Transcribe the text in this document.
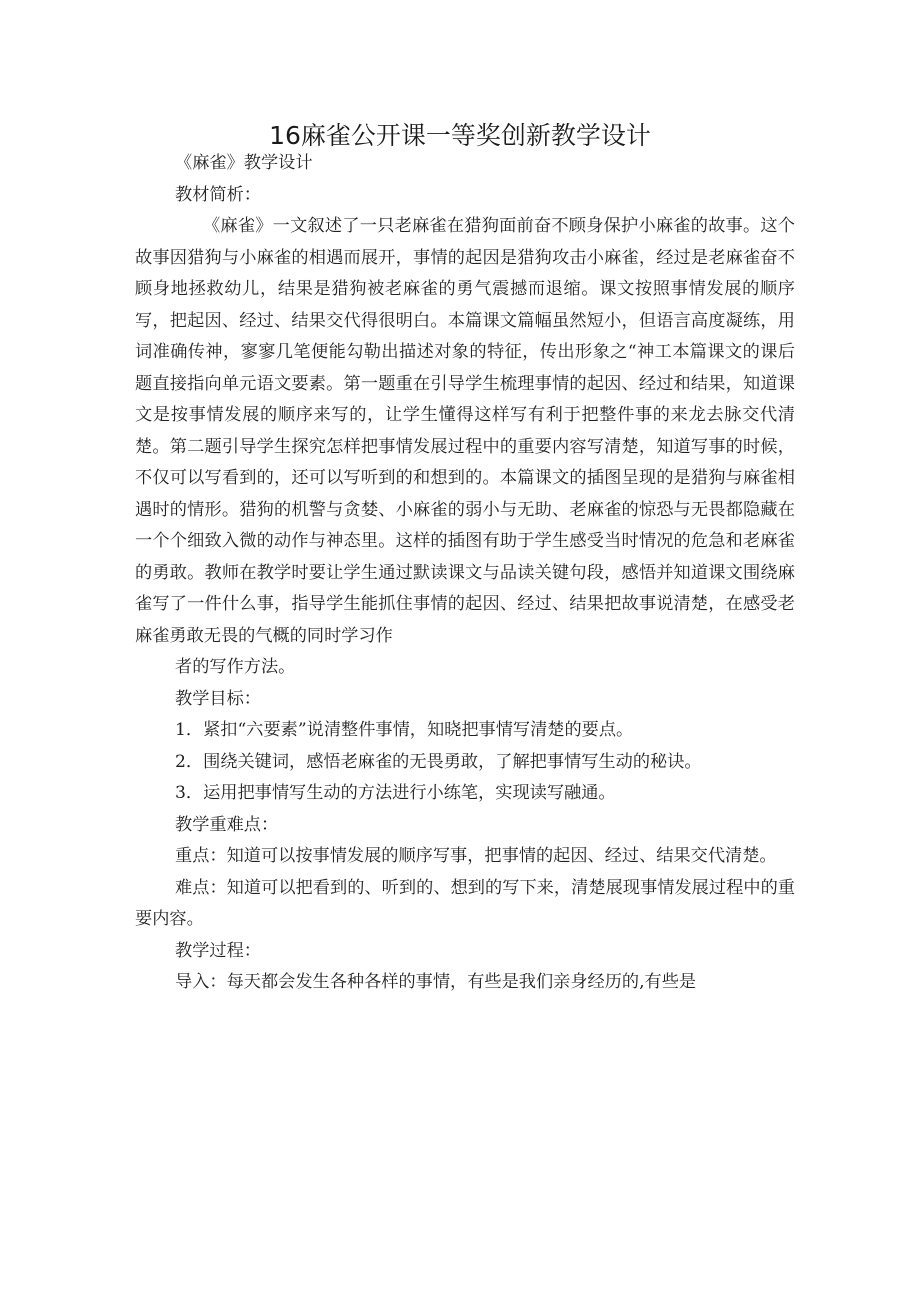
16麻雀公开课一等奖创新教学设计

《麻雀》教学设计

教材简析：

《麻雀》一文叙述了一只老麻雀在猎狗面前奋不顾身保护小麻雀的故事。这个故事因猎狗与小麻雀的相遇而展开，事情的起因是猎狗攻击小麻雀，经过是老麻雀奋不顾身地拯救幼儿，结果是猎狗被老麻雀的勇气震撼而退缩。课文按照事情发展的顺序写，把起因、经过、结果交代得很明白。本篇课文篇幅虽然短小，但语言高度凝练，用词准确传神，寥寥几笔便能勾勒出描述对象的特征，传出形象之“神工本篇课文的课后题直接指向单元语文要素。第一题重在引导学生梳理事情的起因、经过和结果，知道课文是按事情发展的顺序来写的，让学生懂得这样写有利于把整件事的来龙去脉交代清楚。第二题引导学生探究怎样把事情发展过程中的重要内容写清楚，知道写事的时候，不仅可以写看到的，还可以写听到的和想到的。本篇课文的插图呈现的是猎狗与麻雀相遇时的情形。猎狗的机警与贪婪、小麻雀的弱小与无助、老麻雀的惊恐与无畏都隐藏在一个个细致入微的动作与神态里。这样的插图有助于学生感受当时情况的危急和老麻雀的勇敢。教师在教学时要让学生通过默读课文与品读关键句段，感悟并知道课文围绕麻雀写了一件什么事，指导学生能抓住事情的起因、经过、结果把故事说清楚，在感受老麻雀勇敢无畏的气概的同时学习作

者的写作方法。

教学目标：

1．紧扣“六要素”说清整件事情，知晓把事情写清楚的要点。

2．围绕关键词，感悟老麻雀的无畏勇敢，了解把事情写生动的秘诀。

3．运用把事情写生动的方法进行小练笔，实现读写融通。

教学重难点：

重点：知道可以按事情发展的顺序写事，把事情的起因、经过、结果交代清楚。

难点：知道可以把看到的、听到的、想到的写下来，清楚展现事情发展过程中的重要内容。

教学过程：

导入：每天都会发生各种各样的事情，有些是我们亲身经历的,有些是
